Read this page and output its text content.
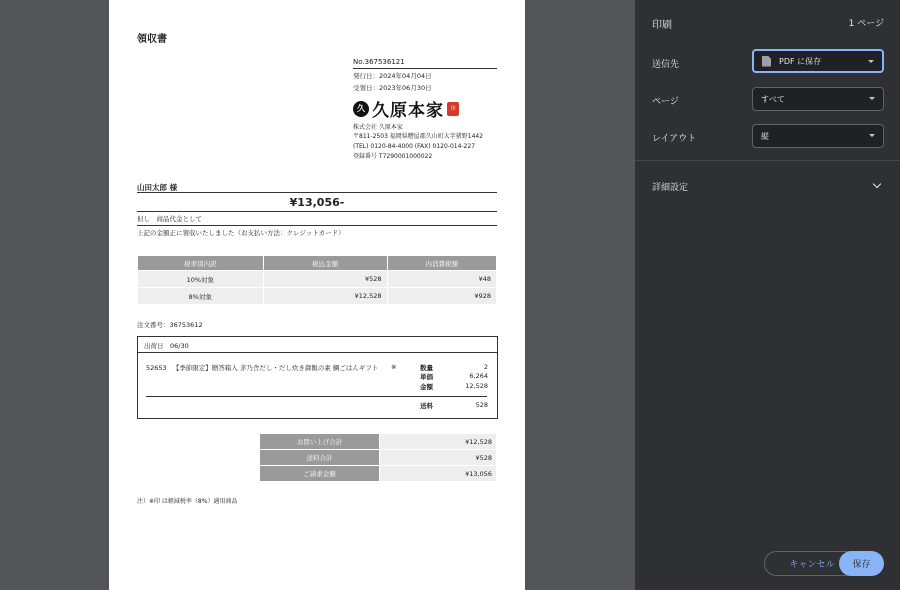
領収書
No.367536121
発行日：2024年04月04日
受領日：2023年06月30日
久 久原本家	印
株式会社 久原本家
〒811-2503 福岡県糟屋郡久山町大字猪野1442
(TEL) 0120-84-4000 (FAX) 0120-014-227
登録番号 T7290001000022
山田太郎 様
¥13,056-
但し　商品代金として
上記の金額正に領収いたしました（お支払い方法：クレジットカード）
税率別内訳	税込金額	内消費税額
10%対象	¥528	¥48
8%対象	¥12,528	¥928
注文番号：36753612
出荷日　06/30
52653 【季節限定】贈答箱入 茅乃舎だし・だし炊き御飯の素 鯛ごはんギフト ※	数量	2
単価	6,264
金額	12,528
送料	528
お買い上げ合計	¥12,528
送料合計	¥528
ご請求金額	¥13,056
注）※印 は軽減税率（8%）適用商品
印刷	1 ページ
送信先	PDF に保存
ページ	すべて
レイアウト	縦
詳細設定
キャンセル	保存
